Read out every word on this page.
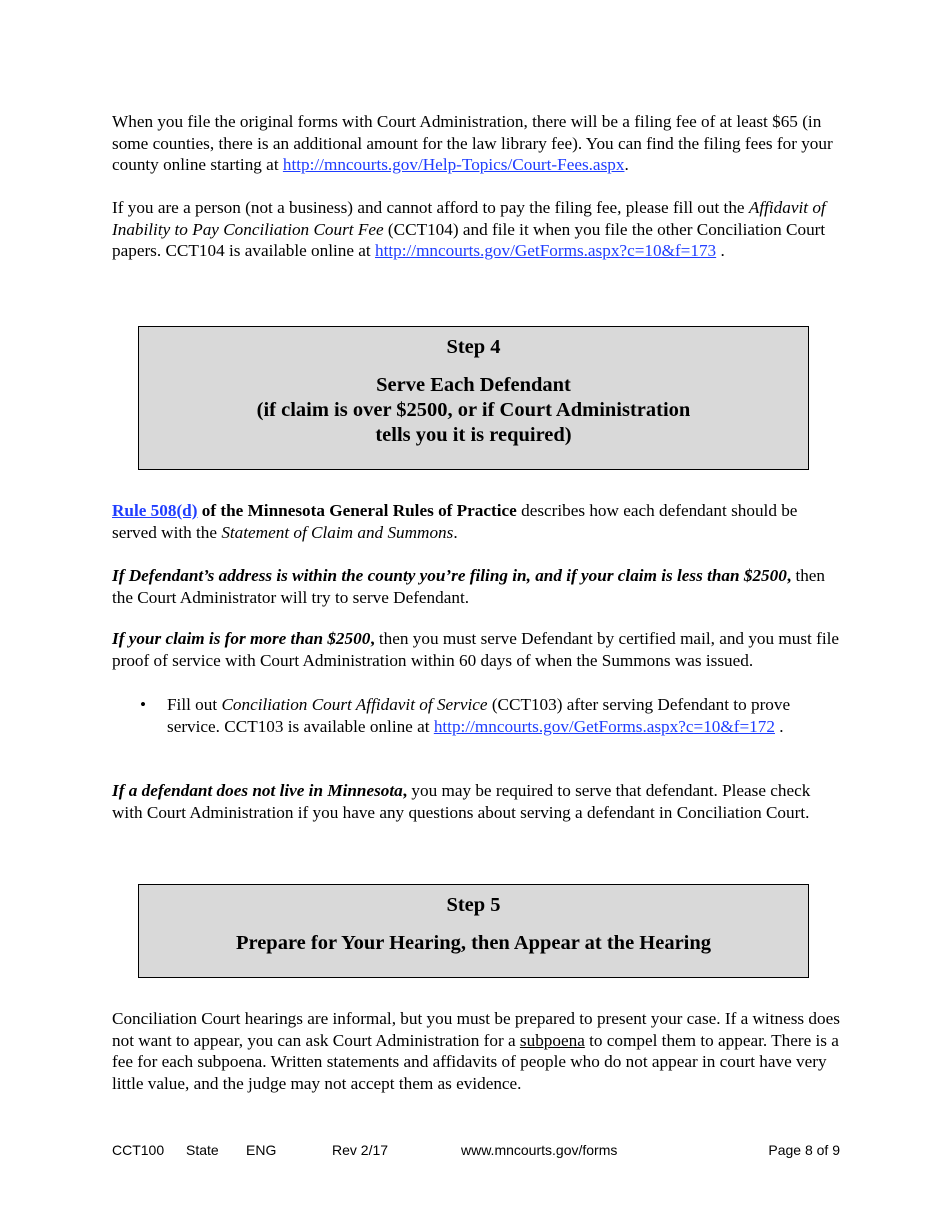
When you file the original forms with Court Administration, there will be a filing fee of at least $65 (in some counties, there is an additional amount for the law library fee). You can find the filing fees for your county online starting at http://mncourts.gov/Help-Topics/Court-Fees.aspx.

If you are a person (not a business) and cannot afford to pay the filing fee, please fill out the Affidavit of Inability to Pay Conciliation Court Fee (CCT104) and file it when you file the other Conciliation Court papers. CCT104 is available online at http://mncourts.gov/GetForms.aspx?c=10&f=173 .

Step 4
Serve Each Defendant
(if claim is over $2500, or if Court Administration
tells you it is required)

Rule 508(d) of the Minnesota General Rules of Practice describes how each defendant should be served with the Statement of Claim and Summons.

If Defendant’s address is within the county you’re filing in, and if your claim is less than $2500, then the Court Administrator will try to serve Defendant.

If your claim is for more than $2500, then you must serve Defendant by certified mail, and you must file proof of service with Court Administration within 60 days of when the Summons was issued.

• Fill out Conciliation Court Affidavit of Service (CCT103) after serving Defendant to prove service. CCT103 is available online at http://mncourts.gov/GetForms.aspx?c=10&f=172 .

If a defendant does not live in Minnesota, you may be required to serve that defendant. Please check with Court Administration if you have any questions about serving a defendant in Conciliation Court.

Step 5
Prepare for Your Hearing, then Appear at the Hearing

Conciliation Court hearings are informal, but you must be prepared to present your case. If a witness does not want to appear, you can ask Court Administration for a subpoena to compel them to appear. There is a fee for each subpoena. Written statements and affidavits of people who do not appear in court have very little value, and the judge may not accept them as evidence.

CCT100 State ENG	Rev 2/17	www.mncourts.gov/forms	Page 8 of 9
